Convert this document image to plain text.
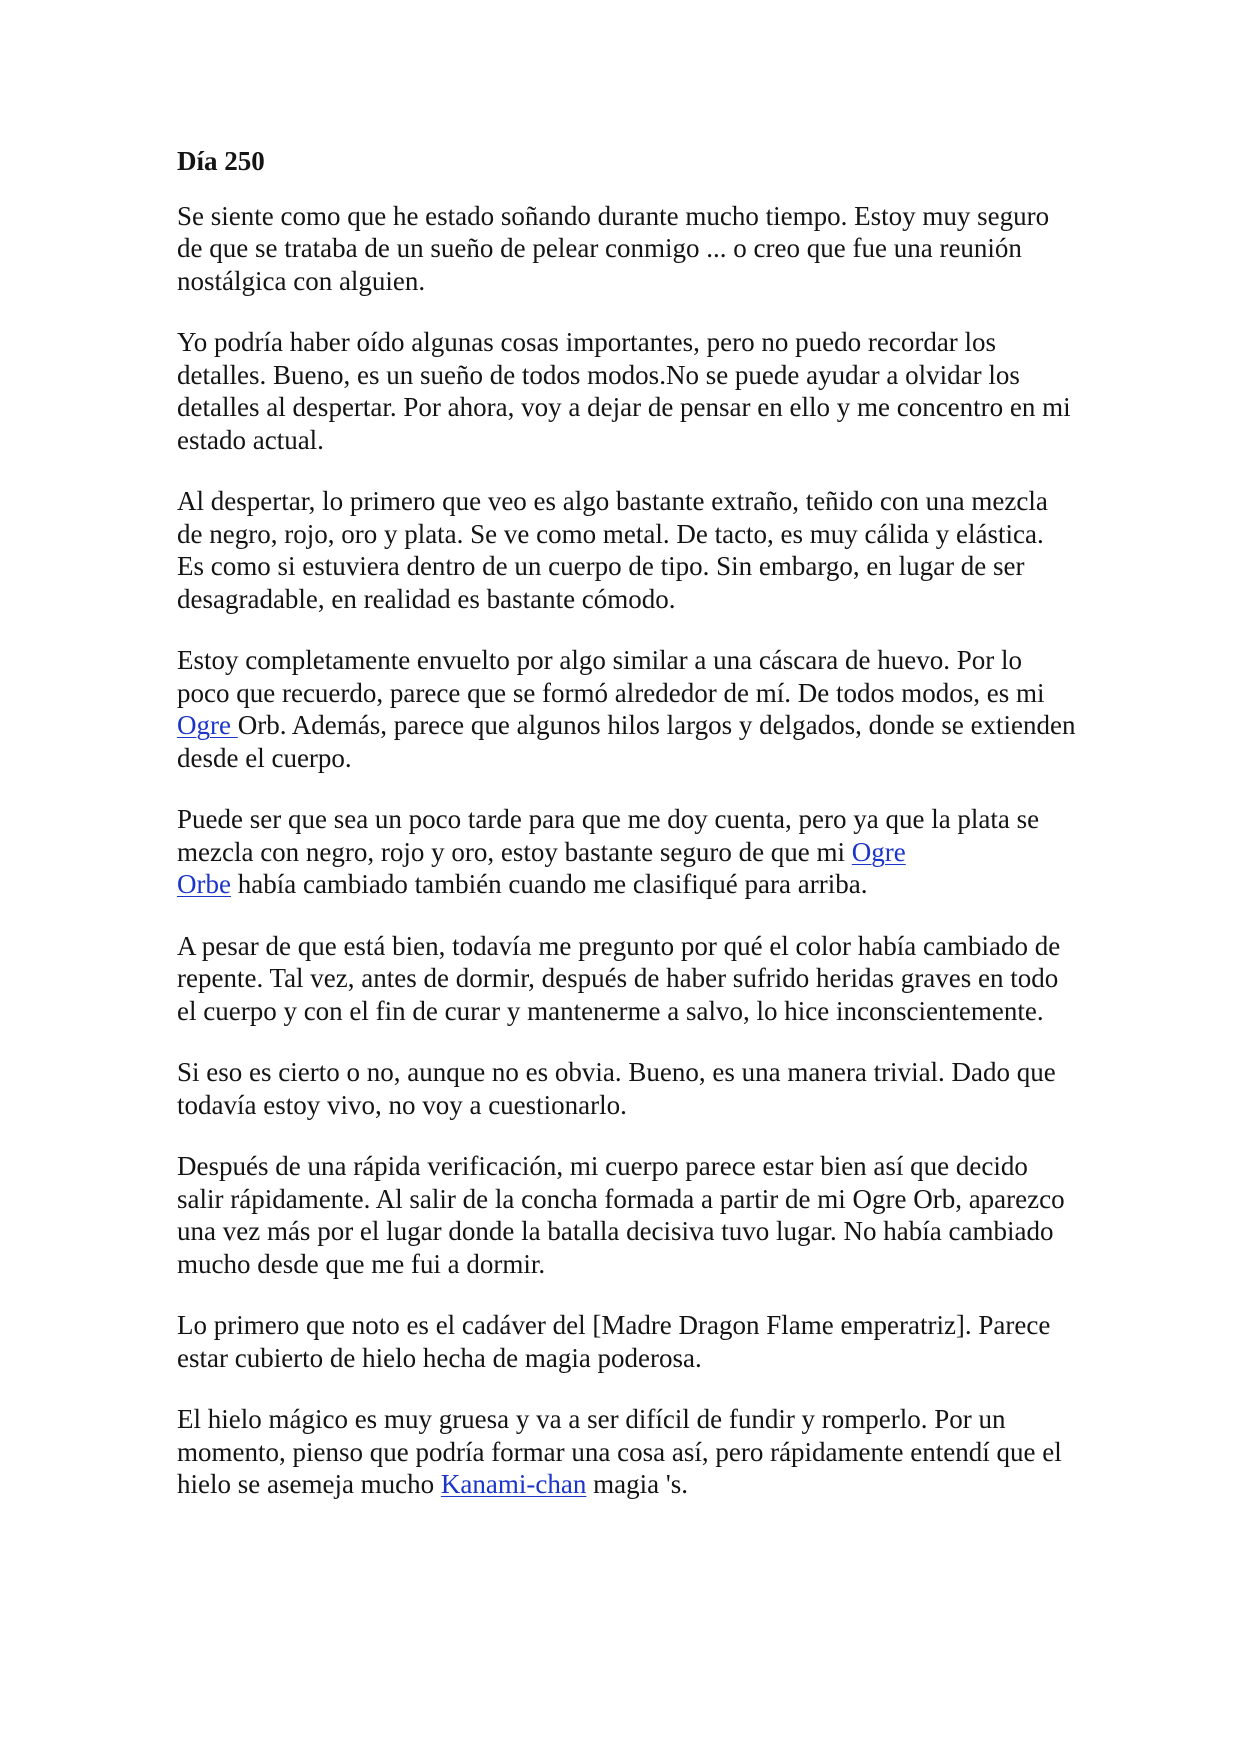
Día 250

Se siente como que he estado soñando durante mucho tiempo. Estoy muy seguro de que se trataba de un sueño de pelear conmigo ... o creo que fue una reunión nostálgica con alguien.

Yo podría haber oído algunas cosas importantes, pero no puedo recordar los detalles. Bueno, es un sueño de todos modos.No se puede ayudar a olvidar los detalles al despertar. Por ahora, voy a dejar de pensar en ello y me concentro en mi estado actual.

Al despertar, lo primero que veo es algo bastante extraño, teñido con una mezcla de negro, rojo, oro y plata. Se ve como metal. De tacto, es muy cálida y elástica. Es como si estuviera dentro de un cuerpo de tipo. Sin embargo, en lugar de ser desagradable, en realidad es bastante cómodo.

Estoy completamente envuelto por algo similar a una cáscara de huevo. Por lo poco que recuerdo, parece que se formó alrededor de mí. De todos modos, es mi Ogre Orb. Además, parece que algunos hilos largos y delgados, donde se extienden desde el cuerpo.

Puede ser que sea un poco tarde para que me doy cuenta, pero ya que la plata se mezcla con negro, rojo y oro, estoy bastante seguro de que mi Ogre
Orbe había cambiado también cuando me clasifiqué para arriba.

A pesar de que está bien, todavía me pregunto por qué el color había cambiado de repente. Tal vez, antes de dormir, después de haber sufrido heridas graves en todo el cuerpo y con el fin de curar y mantenerme a salvo, lo hice inconscientemente.

Si eso es cierto o no, aunque no es obvia. Bueno, es una manera trivial. Dado que todavía estoy vivo, no voy a cuestionarlo.

Después de una rápida verificación, mi cuerpo parece estar bien así que decido salir rápidamente. Al salir de la concha formada a partir de mi Ogre Orb, aparezco una vez más por el lugar donde la batalla decisiva tuvo lugar. No había cambiado mucho desde que me fui a dormir.

Lo primero que noto es el cadáver del [Madre Dragon Flame emperatriz]. Parece estar cubierto de hielo hecha de magia poderosa.

El hielo mágico es muy gruesa y va a ser difícil de fundir y romperlo. Por un momento, pienso que podría formar una cosa así, pero rápidamente entendí que el hielo se asemeja mucho Kanami-chan magia 's.
